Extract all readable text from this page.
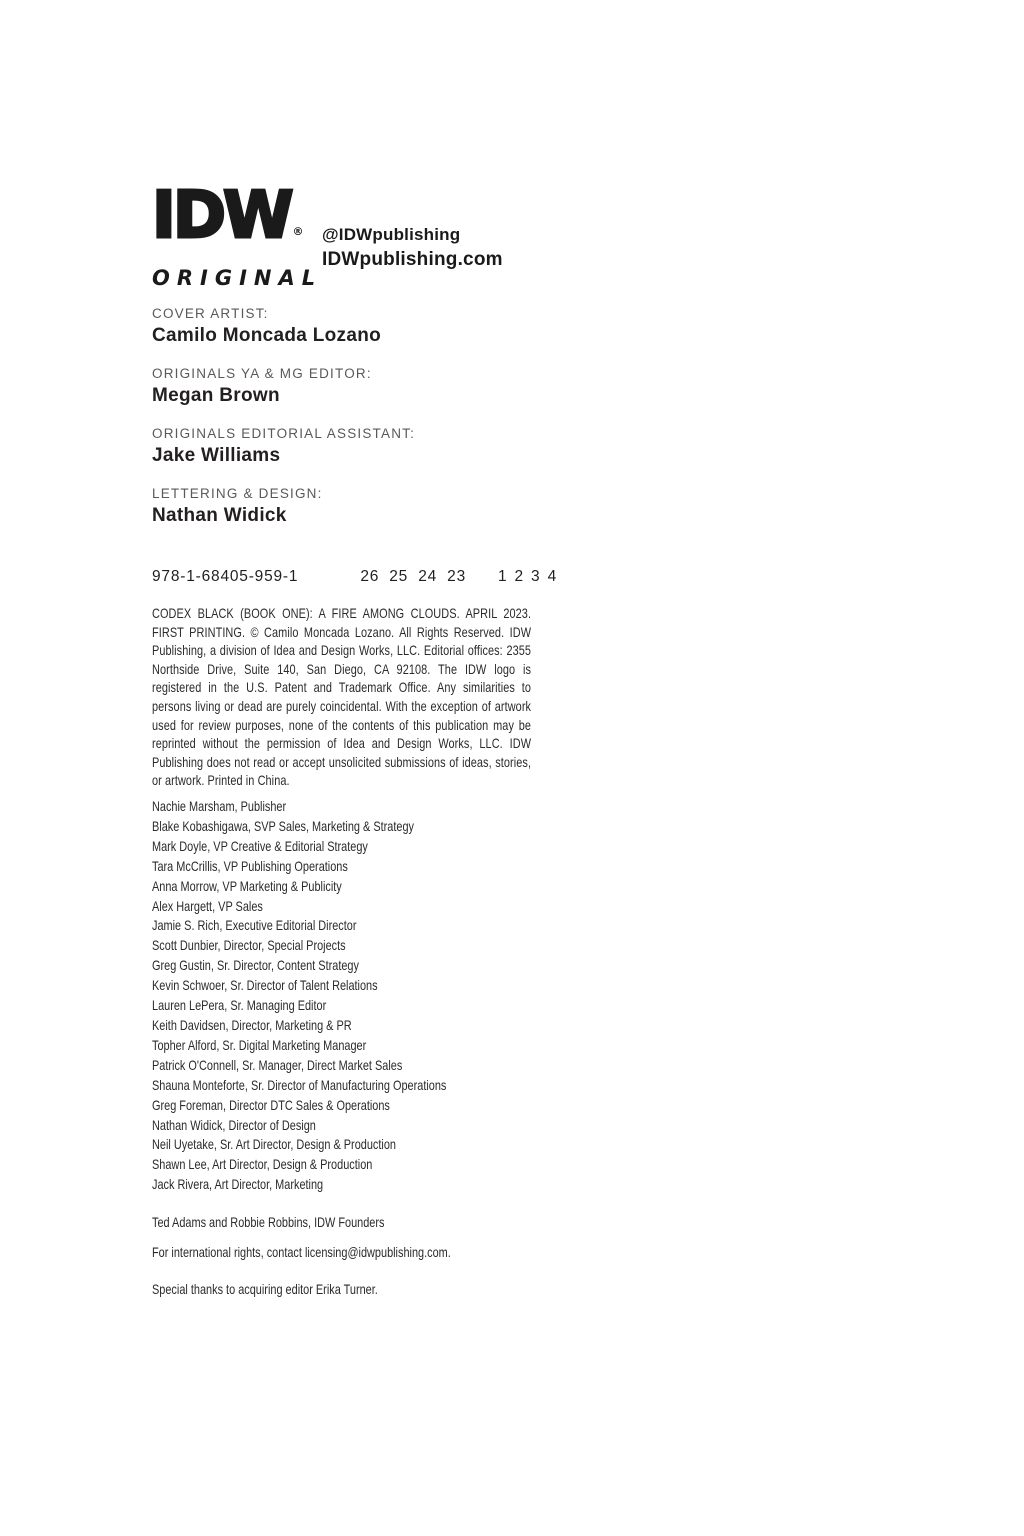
IDW ®
ORIGINAL
@IDWpublishing
IDWpublishing.com
COVER ARTIST:
Camilo Moncada Lozano
ORIGINALS YA & MG EDITOR:
Megan Brown
ORIGINALS EDITORIAL ASSISTANT:
Jake Williams
LETTERING & DESIGN:
Nathan Widick
978-1-68405-959-1	26 25 24 23 1 2 3 4
CODEX BLACK (BOOK ONE): A FIRE AMONG CLOUDS. APRIL 2023. FIRST PRINTING. © Camilo Moncada Lozano. All Rights Reserved. IDW Publishing, a division of Idea and Design Works, LLC. Editorial offices: 2355 Northside Drive, Suite 140, San Diego, CA 92108. The IDW logo is registered in the U.S. Patent and Trademark Office. Any similarities to persons living or dead are purely coincidental. With the exception of artwork used for review purposes, none of the contents of this publication may be reprinted without the permission of Idea and Design Works, LLC. IDW Publishing does not read or accept unsolicited submissions of ideas, stories, or artwork. Printed in China.
Nachie Marsham, Publisher
Blake Kobashigawa, SVP Sales, Marketing & Strategy
Mark Doyle, VP Creative & Editorial Strategy
Tara McCrillis, VP Publishing Operations
Anna Morrow, VP Marketing & Publicity
Alex Hargett, VP Sales
Jamie S. Rich, Executive Editorial Director
Scott Dunbier, Director, Special Projects
Greg Gustin, Sr. Director, Content Strategy
Kevin Schwoer, Sr. Director of Talent Relations
Lauren LePera, Sr. Managing Editor
Keith Davidsen, Director, Marketing & PR
Topher Alford, Sr. Digital Marketing Manager
Patrick O'Connell, Sr. Manager, Direct Market Sales
Shauna Monteforte, Sr. Director of Manufacturing Operations
Greg Foreman, Director DTC Sales & Operations
Nathan Widick, Director of Design
Neil Uyetake, Sr. Art Director, Design & Production
Shawn Lee, Art Director, Design & Production
Jack Rivera, Art Director, Marketing
Ted Adams and Robbie Robbins, IDW Founders
For international rights, contact licensing@idwpublishing.com.
Special thanks to acquiring editor Erika Turner.
